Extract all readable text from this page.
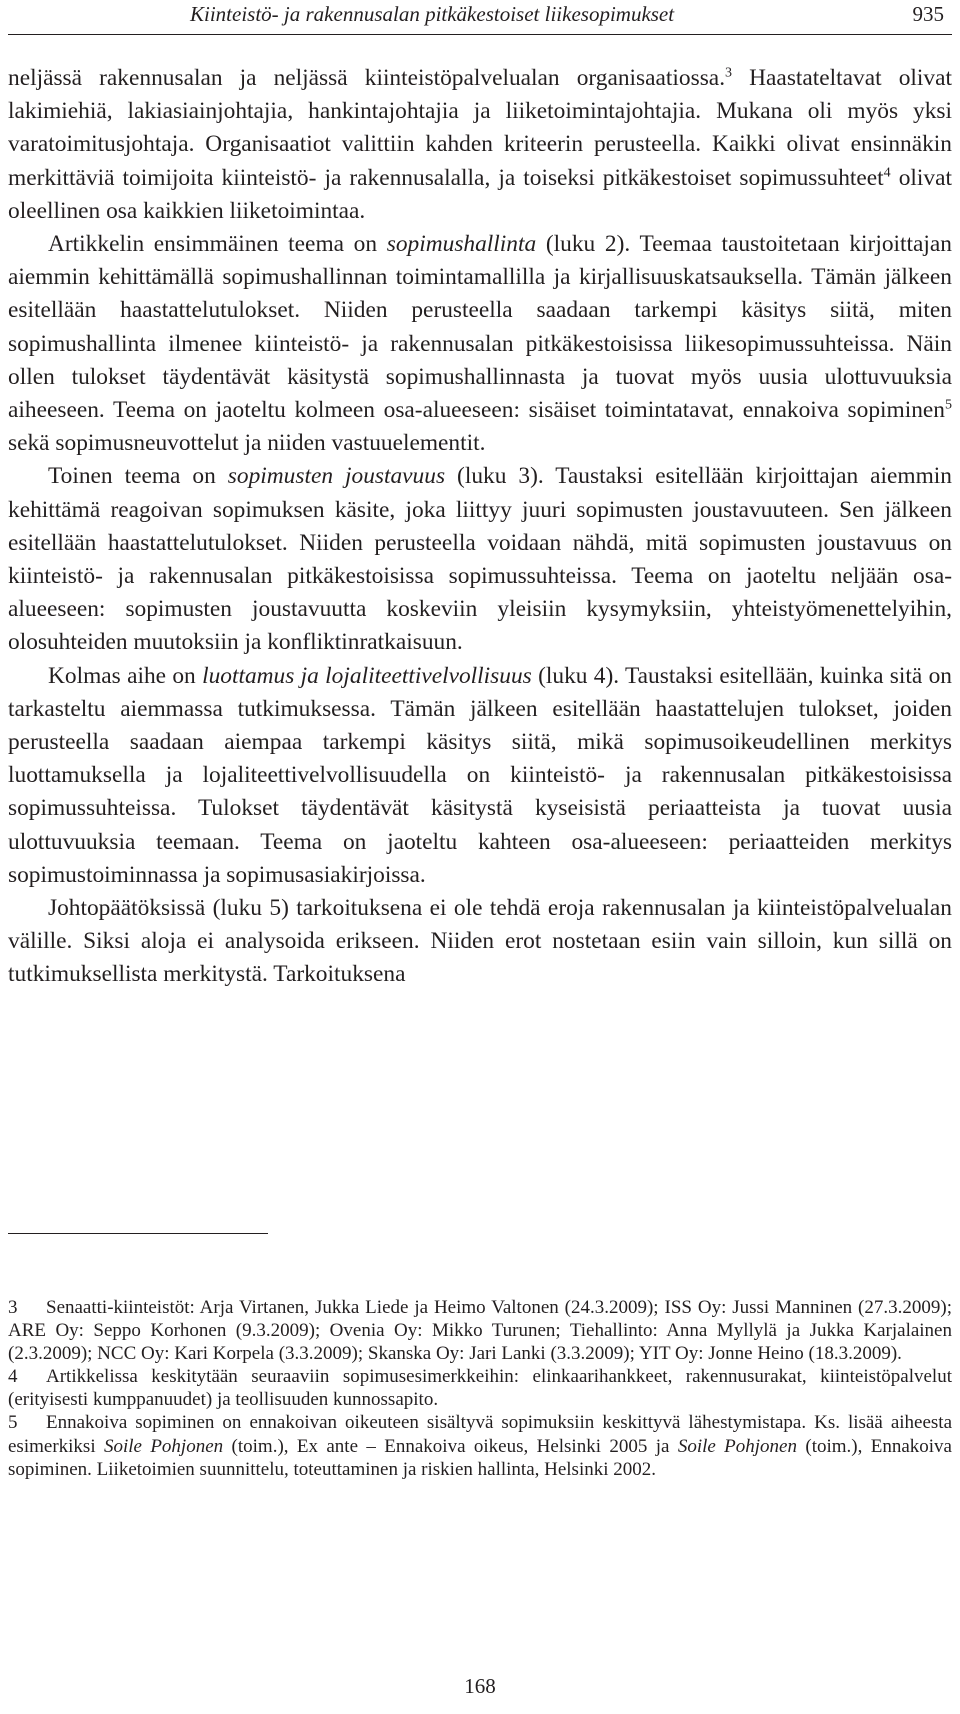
Kiinteistö- ja rakennusalan pitkäkestoiset liikesopimukset	935

neljässä rakennusalan ja neljässä kiinteistöpalvelualan organisaatiossa.$^3$ Haastateltavat olivat lakimiehiä, lakiasiainjohtajia, hankintajohtajia ja liiketoimintajohtajia. Mukana oli myös yksi varatoimitusjohtaja. Organisaatiot valittiin kahden kriteerin perusteella. Kaikki olivat ensinnäkin merkittäviä toimijoita kiinteistö- ja rakennusalalla, ja toiseksi pitkäkestoiset sopimussuhteet$^4$ olivat oleellinen osa kaikkien liiketoimintaa.

Artikkelin ensimmäinen teema on sopimushallinta (luku 2). Teemaa taustoitetaan kirjoittajan aiemmin kehittämällä sopimushallinnan toimintamallilla ja kirjallisuuskatsauksella. Tämän jälkeen esitellään haastattelutulokset. Niiden perusteella saadaan tarkempi käsitys siitä, miten sopimushallinta ilmenee kiinteistö- ja rakennusalan pitkäkestoisissa liikesopimussuhteissa. Näin ollen tulokset täydentävät käsitystä sopimushallinnasta ja tuovat myös uusia ulottuvuuksia aiheeseen. Teema on jaoteltu kolmeen osa-alueeseen: sisäiset toimintatavat, ennakoiva sopiminen$^5$ sekä sopimusneuvottelut ja niiden vastuuelementit.

Toinen teema on sopimusten joustavuus (luku 3). Taustaksi esitellään kirjoittajan aiemmin kehittämä reagoivan sopimuksen käsite, joka liittyy juuri sopimusten joustavuuteen. Sen jälkeen esitellään haastattelutulokset. Niiden perusteella voidaan nähdä, mitä sopimusten joustavuus on kiinteistö- ja rakennusalan pitkäkestoisissa sopimussuhteissa. Teema on jaoteltu neljään osa-alueeseen: sopimusten joustavuutta koskeviin yleisiin kysymyksiin, yhteistyömenettelyihin, olosuhteiden muutoksiin ja konfliktinratkaisuun.

Kolmas aihe on luottamus ja lojaliteettivelvollisuus (luku 4). Taustaksi esitellään, kuinka sitä on tarkasteltu aiemmassa tutkimuksessa. Tämän jälkeen esitellään haastattelujen tulokset, joiden perusteella saadaan aiempaa tarkempi käsitys siitä, mikä sopimusoikeudellinen merkitys luottamuksella ja lojaliteettivelvollisuudella on kiinteistö- ja rakennusalan pitkäkestoisissa sopimussuhteissa. Tulokset täydentävät käsitystä kyseisistä periaatteista ja tuovat uusia ulottuvuuksia teemaan. Teema on jaoteltu kahteen osa-alueeseen: periaatteiden merkitys sopimustoiminnassa ja sopimusasiakirjoissa.

Johtopäätöksissä (luku 5) tarkoituksena ei ole tehdä eroja rakennusalan ja kiinteistöpalvelualan välille. Siksi aloja ei analysoida erikseen. Niiden erot nostetaan esiin vain silloin, kun sillä on tutkimuksellista merkitystä. Tarkoituksena

3 Senaatti-kiinteistöt: Arja Virtanen, Jukka Liede ja Heimo Valtonen (24.3.2009); ISS Oy: Jussi Manninen (27.3.2009); ARE Oy: Seppo Korhonen (9.3.2009); Ovenia Oy: Mikko Turunen; Tiehallinto: Anna Myllylä ja Jukka Karjalainen (2.3.2009); NCC Oy: Kari Korpela (3.3.2009); Skanska Oy: Jari Lanki (3.3.2009); YIT Oy: Jonne Heino (18.3.2009).

4 Artikkelissa keskitytään seuraaviin sopimusesimerkkeihin: elinkaarihankkeet, rakennusurakat, kiinteistöpalvelut (erityisesti kumppanuudet) ja teollisuuden kunnossapito.

5 Ennakoiva sopiminen on ennakoivan oikeuteen sisältyvä sopimuksiin keskittyvä lähestymistapa. Ks. lisää aiheesta esimerkiksi Soile Pohjonen (toim.), Ex ante – Ennakoiva oikeus, Helsinki 2005 ja Soile Pohjonen (toim.), Ennakoiva sopiminen. Liiketoimien suunnittelu, toteuttaminen ja riskien hallinta, Helsinki 2002.

168
